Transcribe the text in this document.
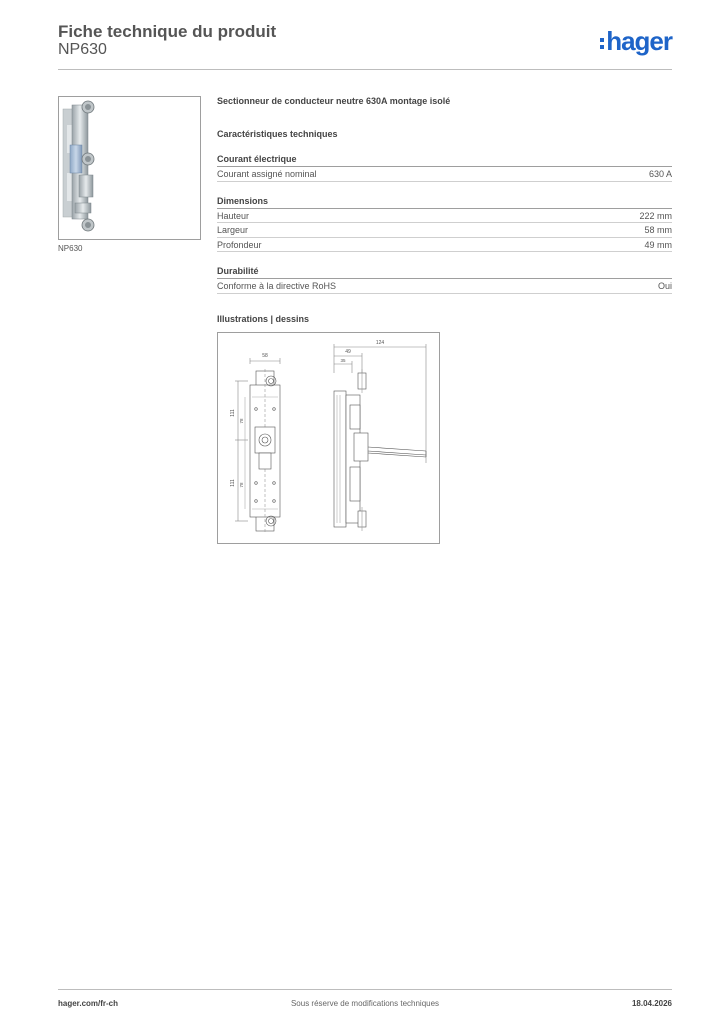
Fiche technique du produit
NP630	hager
NP630
Sectionneur de conducteur neutre 630A montage isolé
Caractéristiques techniques
Courant électrique
Courant assigné nominal	630 A
Dimensions
Hauteur	222 mm
Largeur	58 mm
Profondeur	49 mm
Durabilité
Conforme à la directive RoHS	Oui
Illustrations | dessins
58
111
111
78
78
124
49
35
hager.com/fr-ch	Sous réserve de modifications techniques	18.04.2026
